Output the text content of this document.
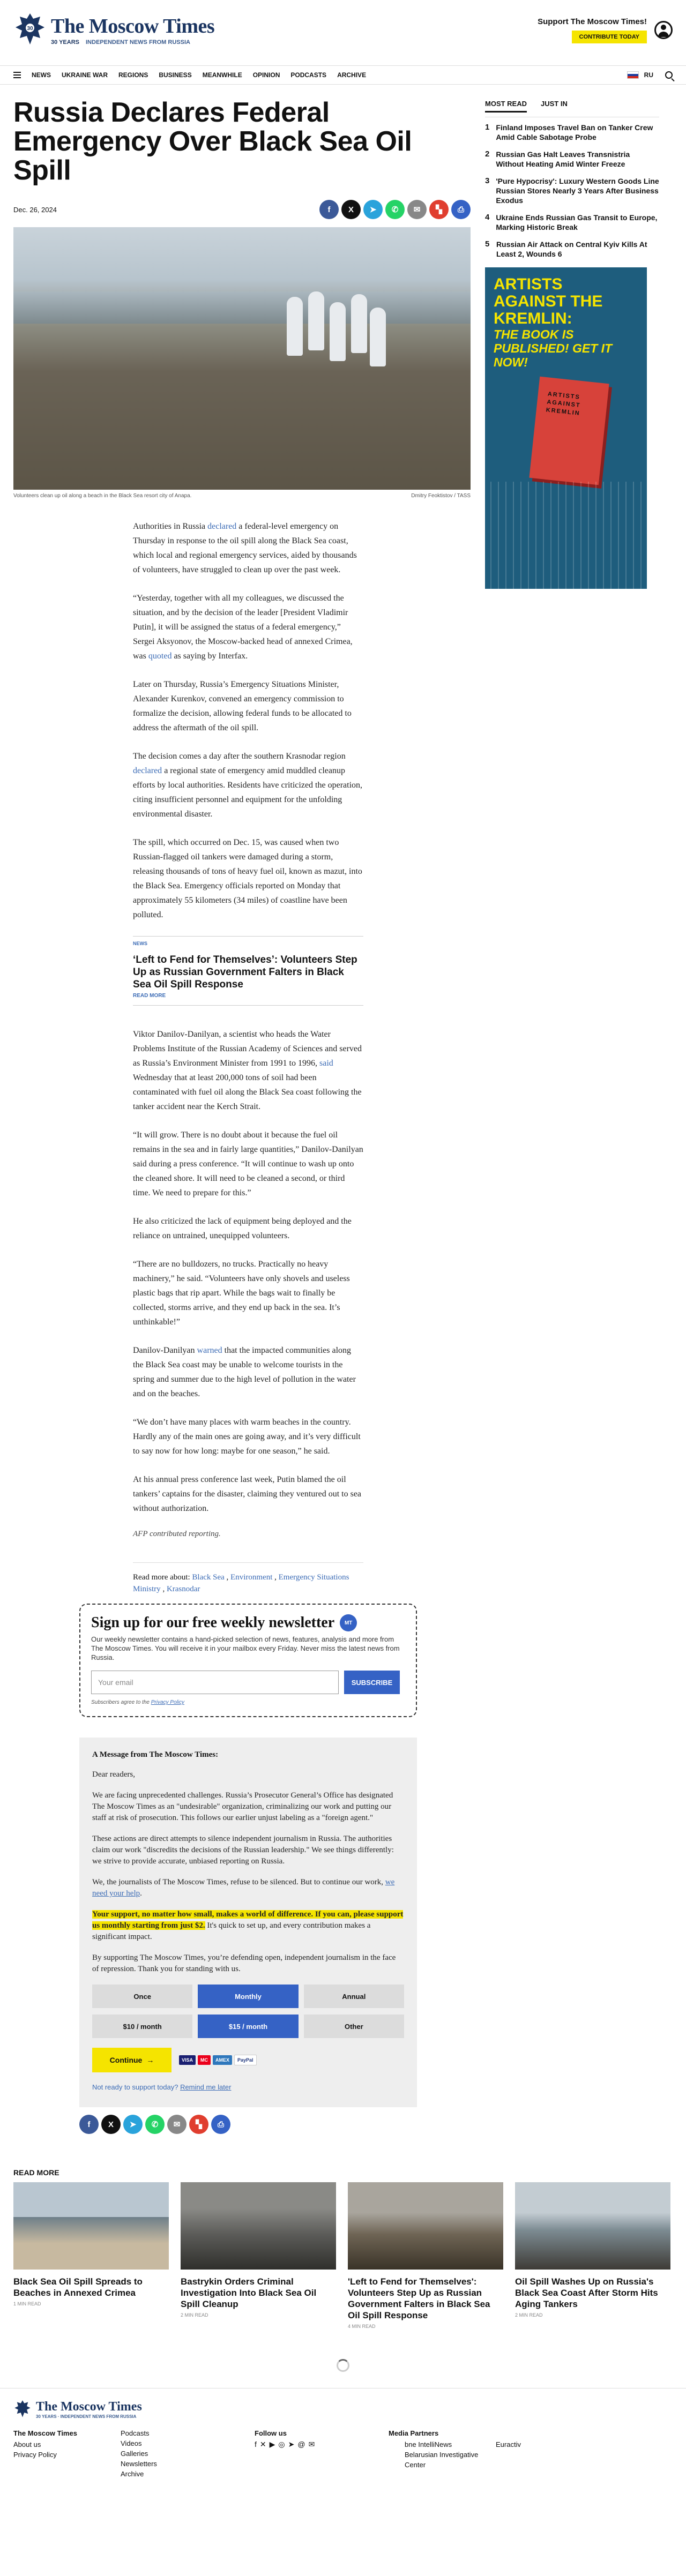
30 The Moscow Times
30 YEARS INDEPENDENT NEWS FROM RUSSIA
Support The Moscow Times!
CONTRIBUTE TODAY
NEWS UKRAINE WAR REGIONS BUSINESS MEANWHILE OPINION PODCASTS ARCHIVE	RU
Russia Declares Federal Emergency Over Black Sea Oil Spill
Dec. 26, 2024	f	X	➤	✆	✉	▚	⎙
Volunteers clean up oil along a beach in the Black Sea resort city of Anapa.	Dmitry Feoktistov / TASS

Authorities in Russia declared a federal-level emergency on Thursday in response to the oil spill along the Black Sea coast, which local and regional emergency services, aided by thousands of volunteers, have struggled to clean up over the past week.

“Yesterday, together with all my colleagues, we discussed the situation, and by the decision of the leader [President Vladimir Putin], it will be assigned the status of a federal emergency,” Sergei Aksyonov, the Moscow-backed head of annexed Crimea, was quoted as saying by Interfax.

Later on Thursday, Russia’s Emergency Situations Minister, Alexander Kurenkov, convened an emergency commission to formalize the decision, allowing federal funds to be allocated to address the aftermath of the oil spill.

The decision comes a day after the southern Krasnodar region declared a regional state of emergency amid muddled cleanup efforts by local authorities. Residents have criticized the operation, citing insufficient personnel and equipment for the unfolding environmental disaster.

The spill, which occurred on Dec. 15, was caused when two Russian-flagged oil tankers were damaged during a storm, releasing thousands of tons of heavy fuel oil, known as mazut, into the Black Sea. Emergency officials reported on Monday that approximately 55 kilometers (34 miles) of coastline have been polluted.

NEWS
‘Left to Fend for Themselves’: Volunteers Step Up as Russian Government Falters in Black Sea Oil Spill Response
READ MORE

Viktor Danilov-Danilyan, a scientist who heads the Water Problems Institute of the Russian Academy of Sciences and served as Russia’s Environment Minister from 1991 to 1996, said Wednesday that at least 200,000 tons of soil had been contaminated with fuel oil along the Black Sea coast following the tanker accident near the Kerch Strait.

“It will grow. There is no doubt about it because the fuel oil remains in the sea and in fairly large quantities,” Danilov-Danilyan said during a press conference. “It will continue to wash up onto the cleaned shore. It will need to be cleaned a second, or third time. We need to prepare for this.”

He also criticized the lack of equipment being deployed and the reliance on untrained, unequipped volunteers.

“There are no bulldozers, no trucks. Practically no heavy machinery,” he said. “Volunteers have only shovels and useless plastic bags that rip apart. While the bags wait to finally be collected, storms arrive, and they end up back in the sea. It’s unthinkable!”

Danilov-Danilyan warned that the impacted communities along the Black Sea coast may be unable to welcome tourists in the spring and summer due to the high level of pollution in the water and on the beaches.

“We don’t have many places with warm beaches in the country. Hardly any of the main ones are going away, and it’s very difficult to say now for how long: maybe for one season,” he said.

At his annual press conference last week, Putin blamed the oil tankers’ captains for the disaster, claiming they ventured out to sea without authorization.

AFP contributed reporting.
Read more about: Black Sea , Environment , Emergency Situations Ministry , Krasnodar
Sign up for our free weekly newsletter	MT
Our weekly newsletter contains a hand-picked selection of news, features, analysis and more from The Moscow Times. You will receive it in your mailbox every Friday. Never miss the latest news from Russia.
Your email	SUBSCRIBE
Subscribers agree to the Privacy Policy
A Message from The Moscow Times:

Dear readers,

We are facing unprecedented challenges. Russia’s Prosecutor General’s Office has designated The Moscow Times as an "undesirable" organization, criminalizing our work and putting our staff at risk of prosecution. This follows our earlier unjust labeling as a "foreign agent."

These actions are direct attempts to silence independent journalism in Russia. The authorities claim our work "discredits the decisions of the Russian leadership." We see things differently: we strive to provide accurate, unbiased reporting on Russia.

We, the journalists of The Moscow Times, refuse to be silenced. But to continue our work, we need your help.

Your support, no matter how small, makes a world of difference. If you can, please support us monthly starting from just $2. It's quick to set up, and every contribution makes a significant impact.

By supporting The Moscow Times, you’re defending open, independent journalism in the face of repression. Thank you for standing with us.

Once	Monthly	Annual
$10 / month	$15 / month	Other
Continue →	VISA	MC	AMEX	PayPal
Not ready to support today? Remind me later
f	X	➤	✆	✉	▚	⎙
MOST READ JUST IN
1 Finland Imposes Travel Ban on Tanker Crew Amid Cable Sabotage Probe
2 Russian Gas Halt Leaves Transnistria Without Heating Amid Winter Freeze
3 'Pure Hypocrisy': Luxury Western Goods Line Russian Stores Nearly 3 Years After Business Exodus
4 Ukraine Ends Russian Gas Transit to Europe, Marking Historic Break
5 Russian Air Attack on Central Kyiv Kills At Least 2, Wounds 6
ARTISTS AGAINST THE KREMLIN:
THE BOOK IS PUBLISHED! GET IT NOW!
ARTISTS AGAINST KREMLIN
READ MORE
Black Sea Oil Spill Spreads to Beaches in Annexed Crimea
1 MIN READ
Bastrykin Orders Criminal Investigation Into Black Sea Oil Spill Cleanup
2 MIN READ
'Left to Fend for Themselves': Volunteers Step Up as Russian Government Falters in Black Sea Oil Spill Response
4 MIN READ
Oil Spill Washes Up on Russia's Black Sea Coast After Storm Hits Aging Tankers
2 MIN READ
The Moscow Times
30 YEARS · INDEPENDENT NEWS FROM RUSSIA
The Moscow Times
About us
Privacy Policy
Podcasts
Videos
Galleries
Newsletters
Archive
Follow us
f ✕ ▶ ◎ ➤ @ ✉
Media Partners
bne IntelliNews
Belarusian Investigative Center
Euractiv
